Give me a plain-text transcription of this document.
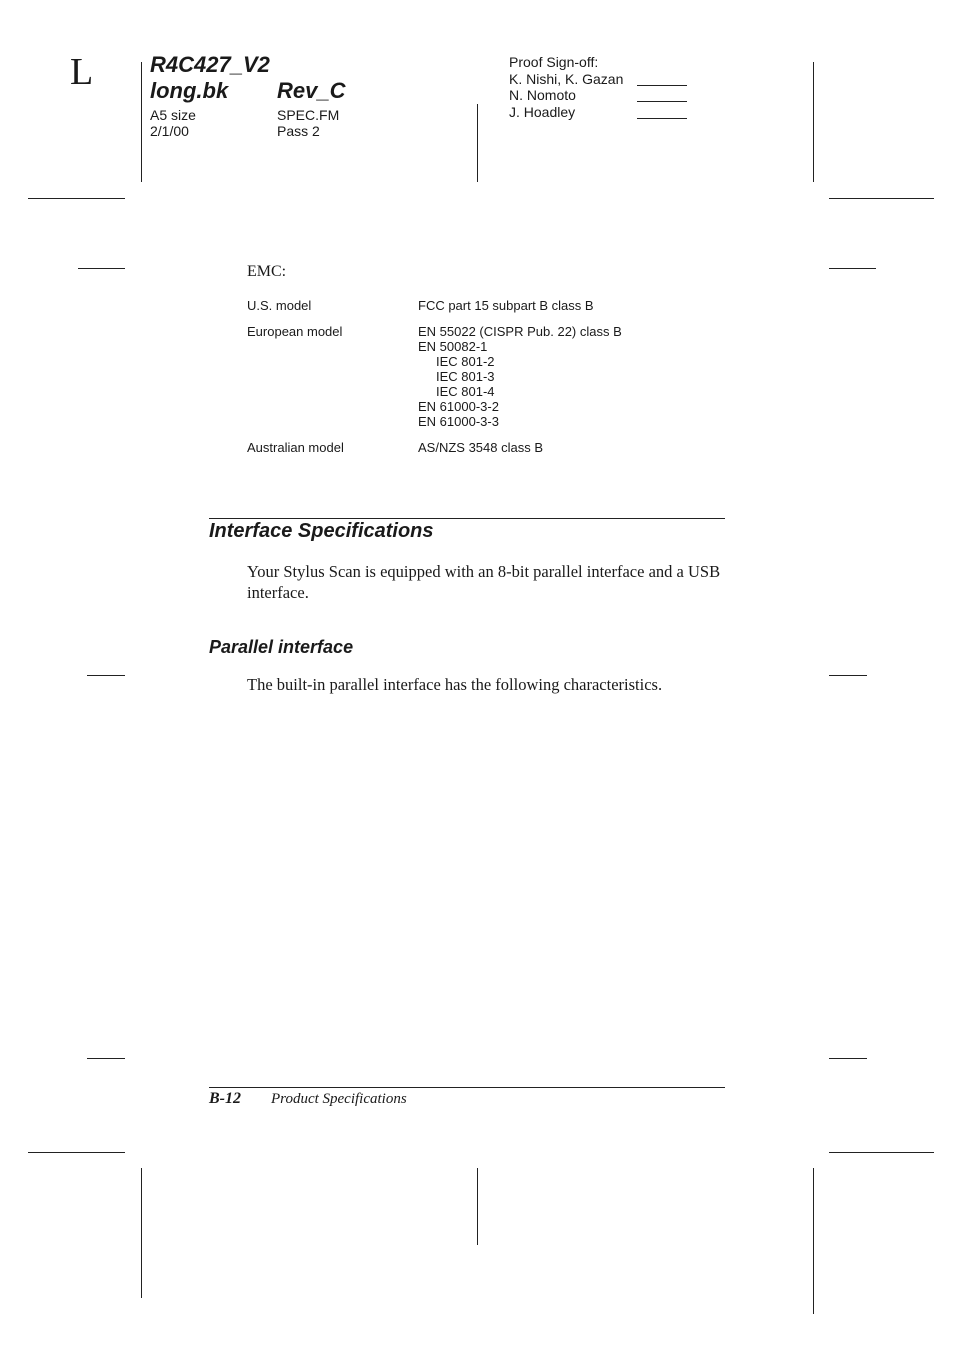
L	R4C427_V2
long.bk Rev_C
A5 size
2/1/00
SPEC.FM
Pass 2
Proof Sign-off:
K. Nishi, K. Gazan
N. Nomoto
J. Hoadley
EMC:
U.S. model	FCC part 15 subpart B class B
European model	EN 55022 (CISPR Pub. 22) class B
EN 50082-1
IEC 801-2
IEC 801-3
IEC 801-4
EN 61000-3-2
EN 61000-3-3
Australian model	AS/NZS 3548 class B
Interface Specifications
Your Stylus Scan is equipped with an 8-bit parallel interface and a USB interface.
Parallel interface
The built-in parallel interface has the following characteristics.
B-12 Product Specifications
